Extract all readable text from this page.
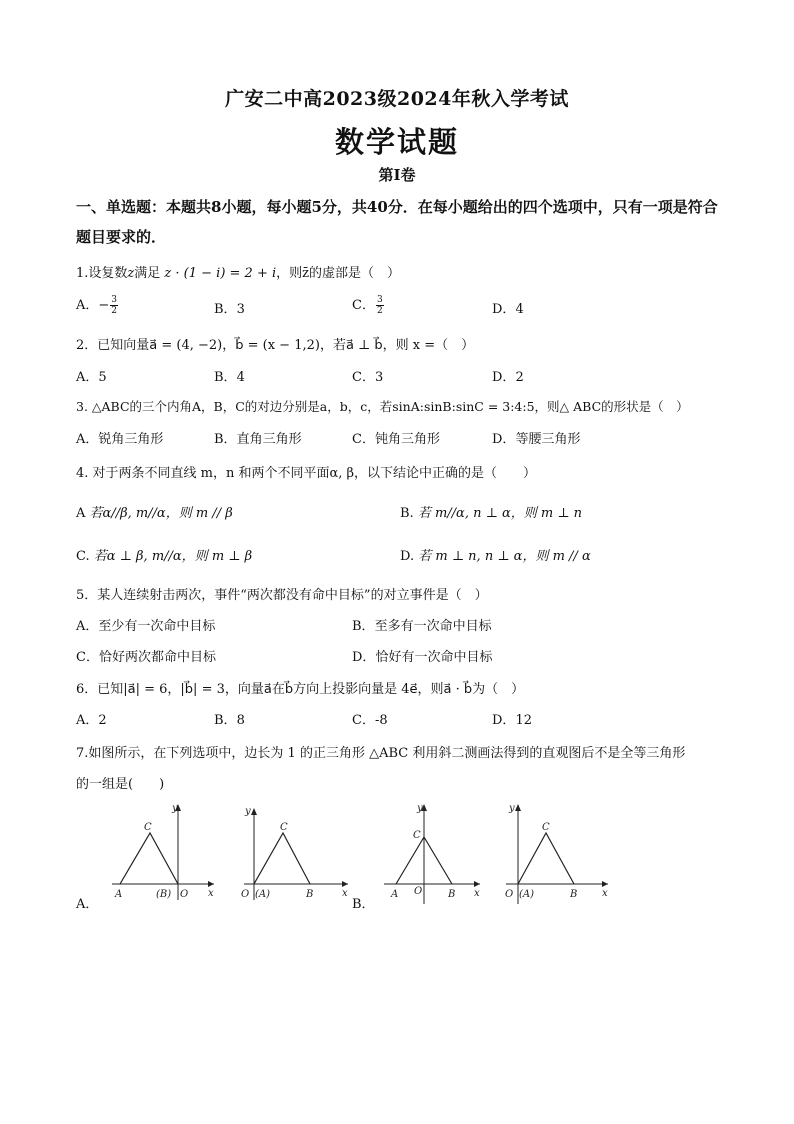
广安二中高2023级2024年秋入学考试
数学试题
第Ⅰ卷
一、单选题：本题共8小题，每小题5分，共40分．在每小题给出的四个选项中，只有一项是符合题目要求的．
1.设复数z满足 z · (1 − i) = 2 + i，则z̄的虚部是（　）
A．− $\frac{3}{2}$	B．3	C． $\frac{3}{2}$	D．4
2．已知向量a⃗ = (4, −2)，b⃗ = (x − 1,2)，若a⃗ ⊥ b⃗，则 x =（　）
A．5	B．4	C．3	D．2
3. △ABC的三个内角A，B，C的对边分别是a，b，c，若sinA:sinB:sinC = 3:4:5，则△ ABC的形状是（　）
A．锐角三角形	B．直角三角形	C．钝角三角形	D．等腰三角形
4. 对于两条不同直线 m，n 和两个不同平面α, β，以下结论中正确的是（　　）
A 若α//β, m//α，则 m // β	B. 若 m//α, n ⊥ α，则 m ⊥ n
C. 若α ⊥ β, m//α，则 m ⊥ β	D. 若 m ⊥ n, n ⊥ α，则 m // α
5．某人连续射击两次，事件“两次都没有命中目标”的对立事件是（　）
A．至少有一次命中目标	B．至多有一次命中目标
C．恰好两次都命中目标	D．恰好有一次命中目标
6．已知|a⃗| = 6，|b⃗| = 3，向量a⃗在b⃗方向上投影向量是 4e⃗，则a⃗ · b⃗为（　）
A．2	B．8	C．-8	D．12
7.如图所示，在下列选项中，边长为 1 的正三角形 △ABC 利用斜二测画法得到的直观图后不是全等三角形
的一组是(　　)
A．	B．
y
C
A	(B) O x
y
C
O (A)	B	x
y
C
A O	B x
y
C
O (A)	B x
